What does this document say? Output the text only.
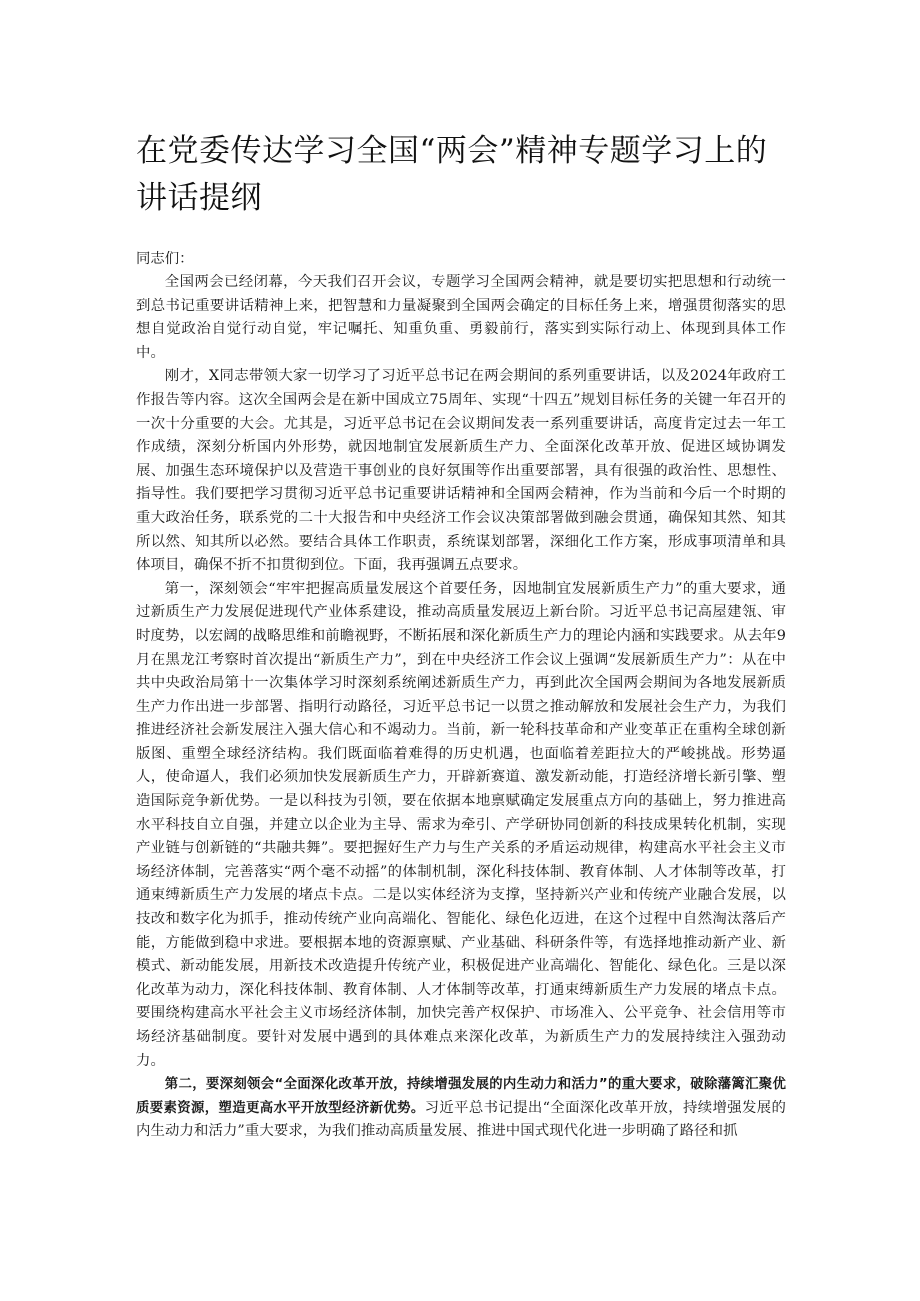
在党委传达学习全国“两会”精神专题学习上的讲话提纲

同志们：

全国两会已经闭幕，今天我们召开会议，专题学习全国两会精神，就是要切实把思想和行动统一到总书记重要讲话精神上来，把智慧和力量凝聚到全国两会确定的目标任务上来，增强贯彻落实的思想自觉政治自觉行动自觉，牢记嘱托、知重负重、勇毅前行，落实到实际行动上、体现到具体工作中。

刚才，X同志带领大家一切学习了习近平总书记在两会期间的系列重要讲话，以及2024年政府工作报告等内容。这次全国两会是在新中国成立75周年、实现“十四五”规划目标任务的关键一年召开的一次十分重要的大会。尤其是，习近平总书记在会议期间发表一系列重要讲话，高度肯定过去一年工作成绩，深刻分析国内外形势，就因地制宜发展新质生产力、全面深化改革开放、促进区域协调发展、加强生态环境保护以及营造干事创业的良好氛围等作出重要部署，具有很强的政治性、思想性、指导性。我们要把学习贯彻习近平总书记重要讲话精神和全国两会精神，作为当前和今后一个时期的重大政治任务，联系党的二十大报告和中央经济工作会议决策部署做到融会贯通，确保知其然、知其所以然、知其所以必然。要结合具体工作职责，系统谋划部署，深细化工作方案，形成事项清单和具体项目，确保不折不扣贯彻到位。下面，我再强调五点要求。

第一，深刻领会“牢牢把握高质量发展这个首要任务，因地制宜发展新质生产力”的重大要求，通过新质生产力发展促进现代产业体系建设，推动高质量发展迈上新台阶。习近平总书记高屋建瓴、审时度势，以宏阔的战略思维和前瞻视野，不断拓展和深化新质生产力的理论内涵和实践要求。从去年9月在黑龙江考察时首次提出“新质生产力”，到在中央经济工作会议上强调“发展新质生产力”：从在中共中央政治局第十一次集体学习时深刻系统阐述新质生产力，再到此次全国两会期间为各地发展新质生产力作出进一步部署、指明行动路径，习近平总书记一以贯之推动解放和发展社会生产力，为我们推进经济社会新发展注入强大信心和不竭动力。当前，新一轮科技革命和产业变革正在重构全球创新版图、重塑全球经济结构。我们既面临着难得的历史机遇，也面临着差距拉大的严峻挑战。形势逼人，使命逼人，我们必须加快发展新质生产力，开辟新赛道、激发新动能，打造经济增长新引擎、塑造国际竞争新优势。一是以科技为引领，要在依据本地禀赋确定发展重点方向的基础上，努力推进高水平科技自立自强，并建立以企业为主导、需求为牵引、产学研协同创新的科技成果转化机制，实现产业链与创新链的“共融共舞”。要把握好生产力与生产关系的矛盾运动规律，构建高水平社会主义市场经济体制，完善落实“两个毫不动摇”的体制机制，深化科技体制、教育体制、人才体制等改革，打通束缚新质生产力发展的堵点卡点。二是以实体经济为支撑，坚持新兴产业和传统产业融合发展，以技改和数字化为抓手，推动传统产业向高端化、智能化、绿色化迈进，在这个过程中自然淘汰落后产能，方能做到稳中求进。要根据本地的资源禀赋、产业基础、科研条件等，有选择地推动新产业、新模式、新动能发展，用新技术改造提升传统产业，积极促进产业高端化、智能化、绿色化。三是以深化改革为动力，深化科技体制、教育体制、人才体制等改革，打通束缚新质生产力发展的堵点卡点。要围绕构建高水平社会主义市场经济体制，加快完善产权保护、市场准入、公平竞争、社会信用等市场经济基础制度。要针对发展中遇到的具体难点来深化改革，为新质生产力的发展持续注入强劲动力。

第二，要深刻领会“全面深化改革开放，持续增强发展的内生动力和活力”的重大要求，破除藩篱汇聚优质要素资源，塑造更高水平开放型经济新优势。习近平总书记提出“全面深化改革开放，持续增强发展的内生动力和活力”重大要求，为我们推动高质量发展、推进中国式现代化进一步明确了路径和抓
